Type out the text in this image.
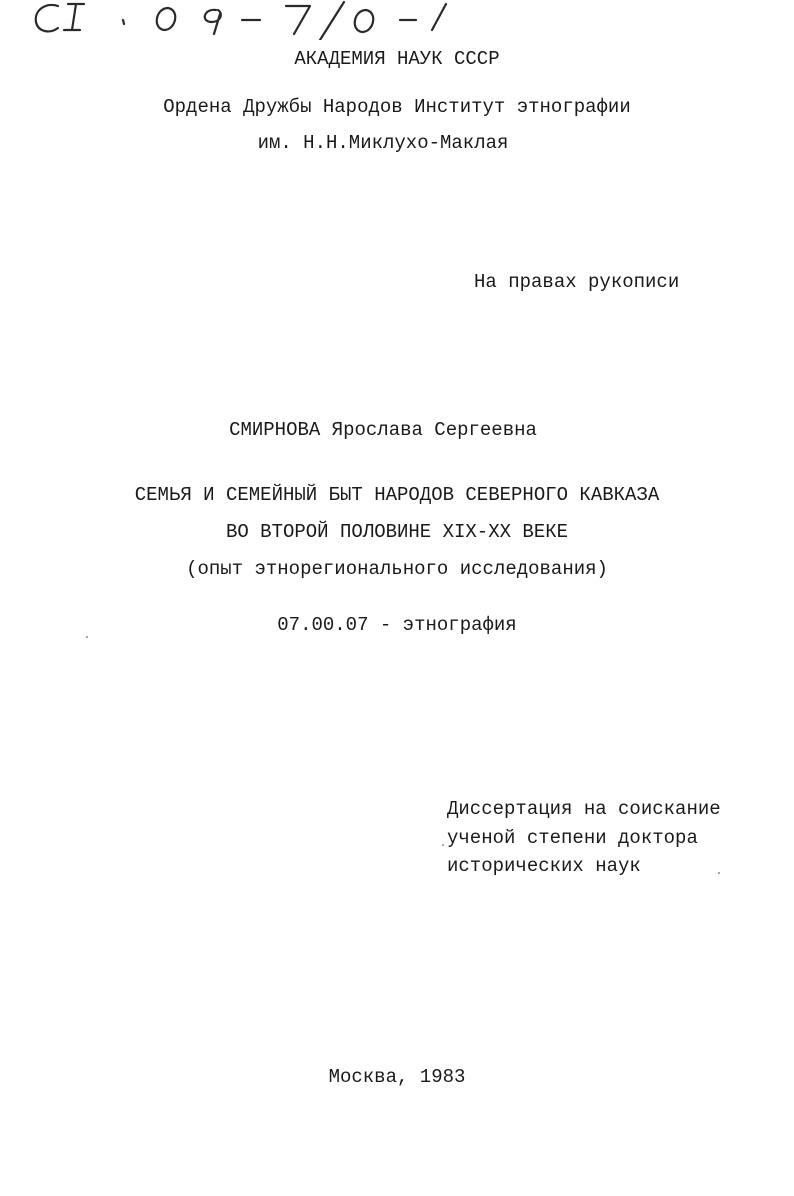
АКАДЕМИЯ НАУК СССР
Ордена Дружбы Народов Институт этнографии
им. Н.Н.Миклухо-Маклая
На правах рукописи
СМИРНОВА Ярослава Сергеевна
СЕМЬЯ И СЕМЕЙНЫЙ БЫТ НАРОДОВ СЕВЕРНОГО КАВКАЗА
ВО ВТОРОЙ ПОЛОВИНЕ XIX-XX ВЕКЕ
(опыт этнорегионального исследования)
07.00.07 - этнография
Диссертация на соискание
ученой степени доктора
исторических наук
Москва, 1983
